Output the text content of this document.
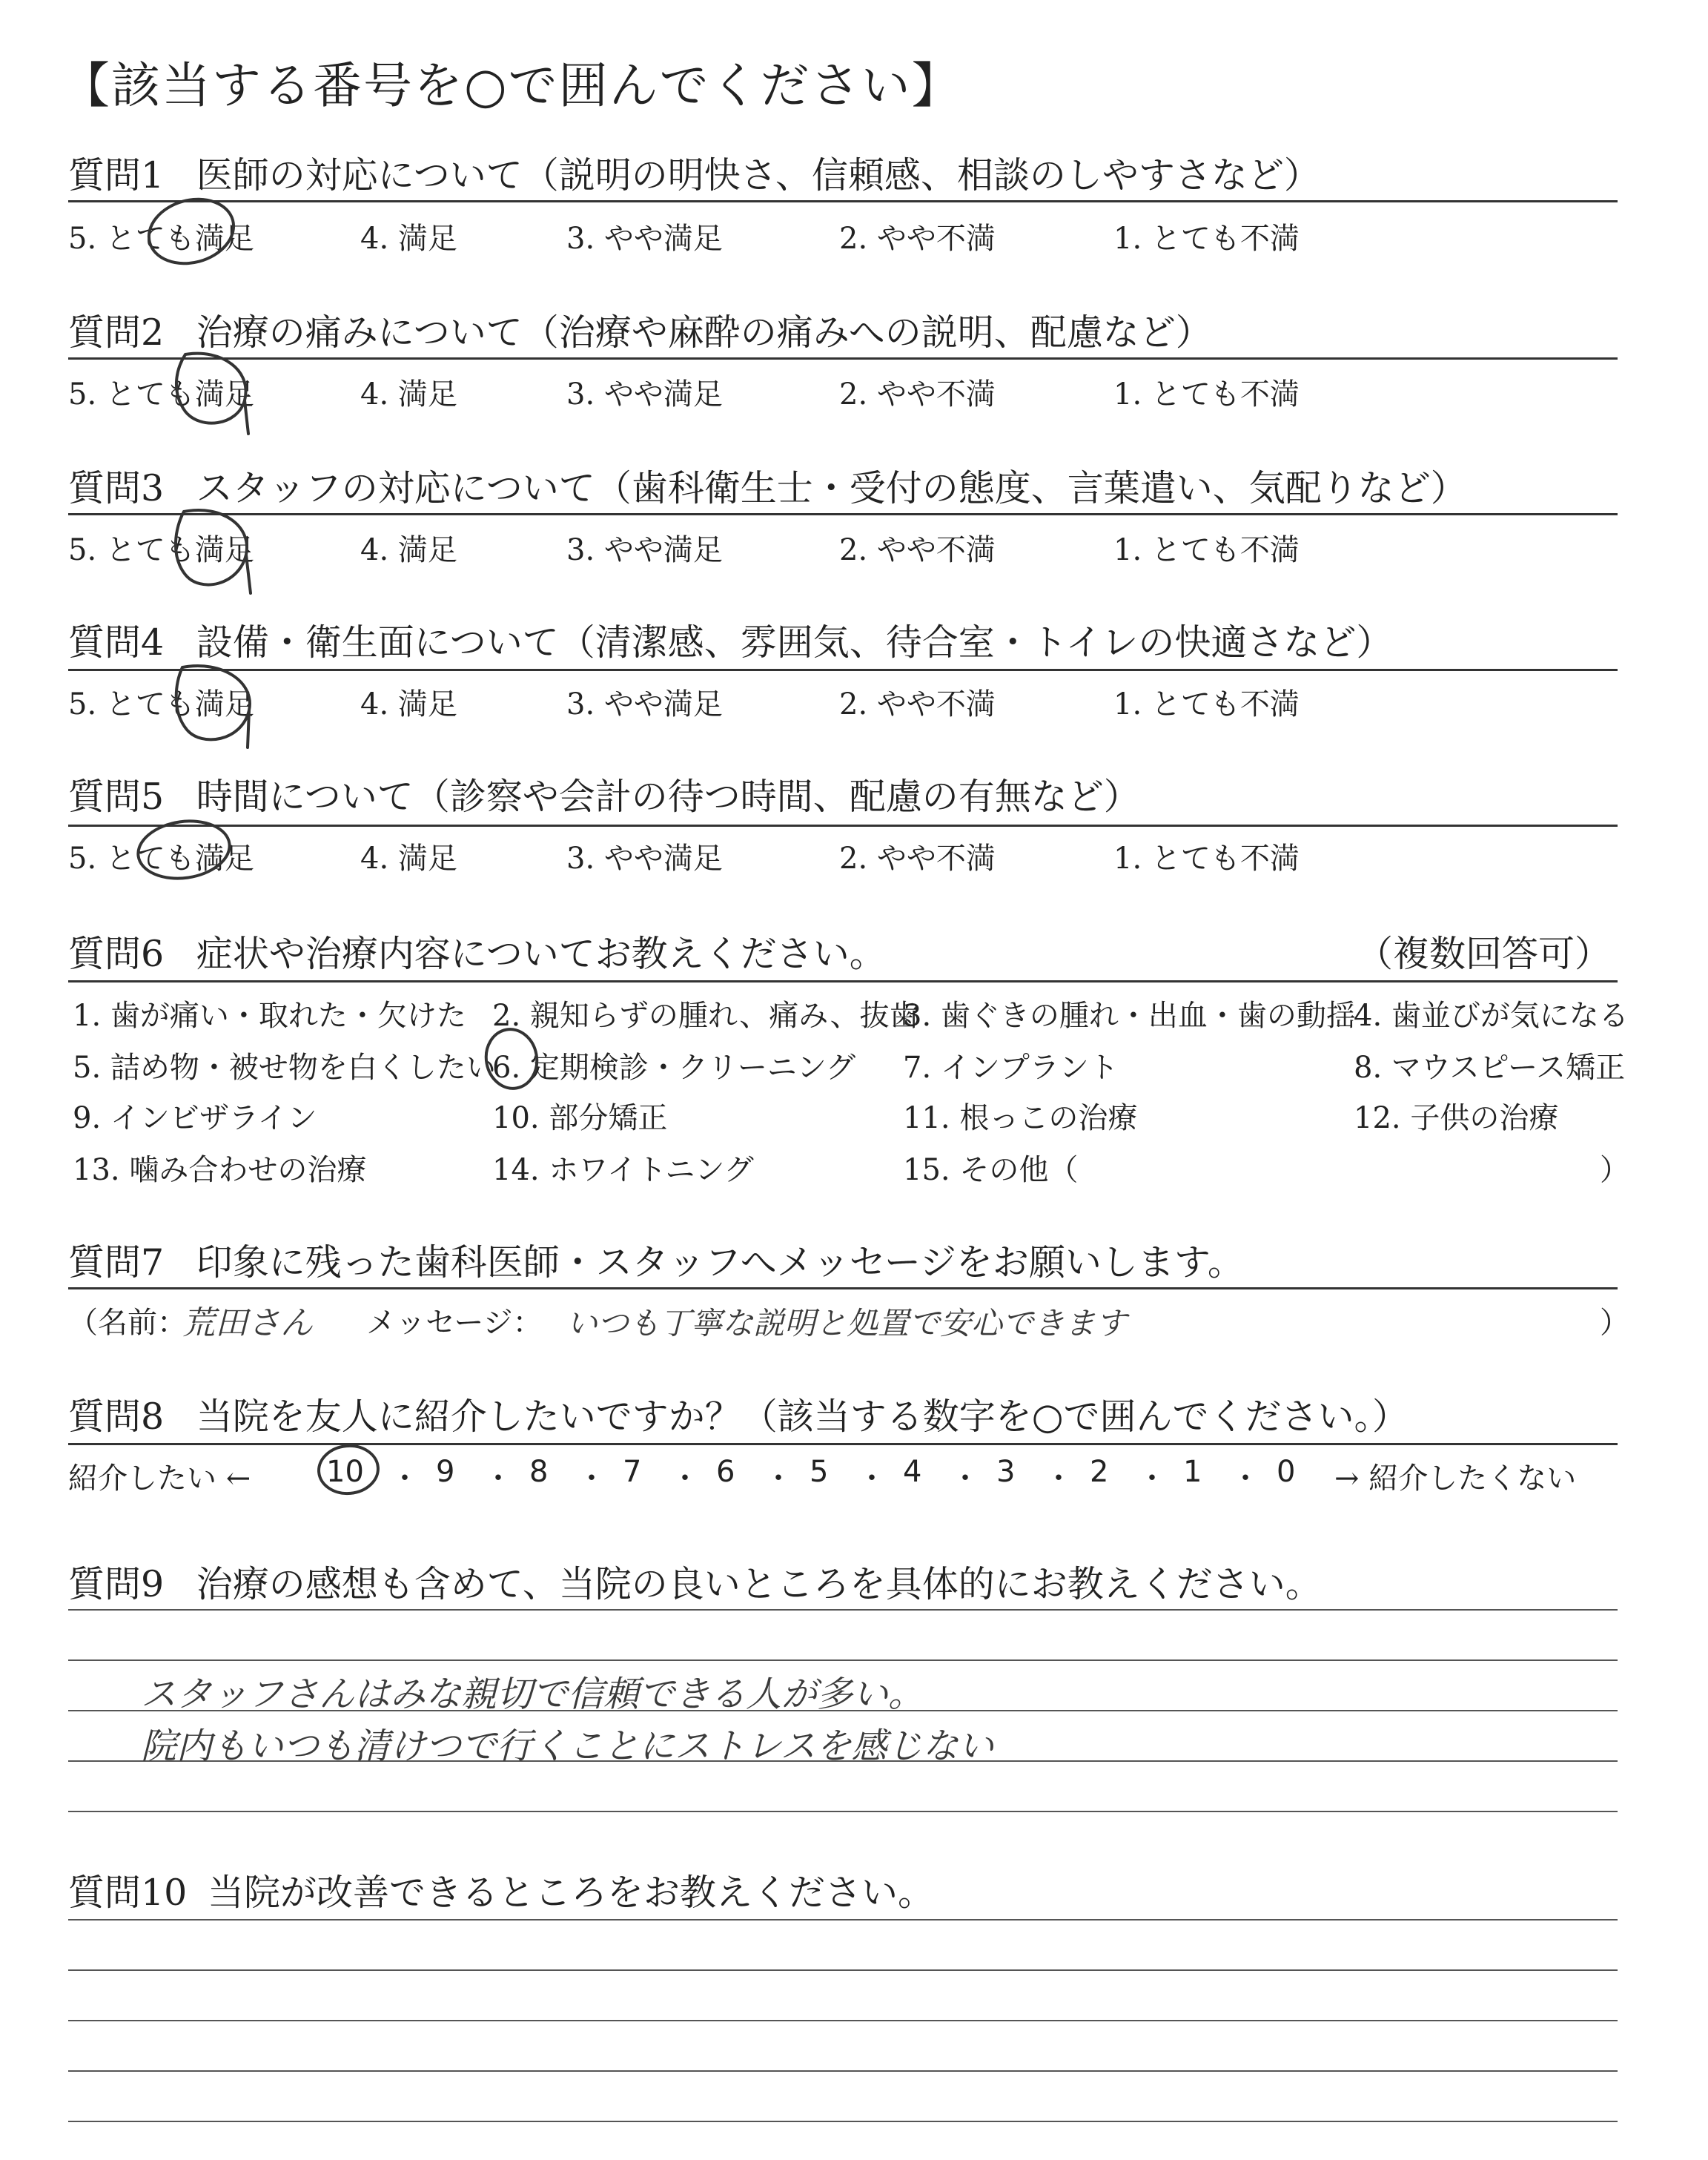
【該当する番号を○で囲んでください】
質問1 医師の対応について（説明の明快さ、信頼感、相談のしやすさなど）
5. とても満足	4. 満足	3. やや満足	2. やや不満	1. とても不満
質問2 治療の痛みについて（治療や麻酔の痛みへの説明、配慮など）
5. とても満足	4. 満足	3. やや満足	2. やや不満	1. とても不満
質問3 スタッフの対応について（歯科衛生士・受付の態度、言葉遣い、気配りなど）
5. とても満足	4. 満足	3. やや満足	2. やや不満	1. とても不満
質問4 設備・衛生面について（清潔感、雰囲気、待合室・トイレの快適さなど）
5. とても満足	4. 満足	3. やや満足	2. やや不満	1. とても不満
質問5 時間について（診察や会計の待つ時間、配慮の有無など）
5. とても満足	4. 満足	3. やや満足	2. やや不満	1. とても不満
質問6 症状や治療内容についてお教えください。	（複数回答可）
1. 歯が痛い・取れた・欠けた 2. 親知らずの腫れ、痛み、抜歯
3. 歯ぐきの腫れ・出血・歯の動揺
4. 歯並びが気になる
5. 詰め物・被せ物を白くしたい
6. 定期検診・クリーニング 7. インプラント	8. マウスピース矯正
9. インビザライン	10. 部分矯正	11. 根っこの治療	12. 子供の治療
13. 噛み合わせの治療	14. ホワイトニング	15. その他（	）
質問7 印象に残った歯科医師・スタッフへメッセージをお願いします。
（名前：
荒田さん メッセージ： いつも丁寧な説明と処置で安心できます	）
質問8 当院を友人に紹介したいですか？（該当する数字を○で囲んでください。）
紹介したい ←	10 ・ 9 ・ 8 ・ 7 ・ 6 ・ 5 ・ 4 ・ 3 ・ 2 ・ 1 ・ 0 → 紹介したくない
質問9 治療の感想も含めて、当院の良いところを具体的にお教えください。
スタッフさんはみな親切で信頼できる人が多い。
院内もいつも清けつで行くことにストレスを感じない
質問10 当院が改善できるところをお教えください。
